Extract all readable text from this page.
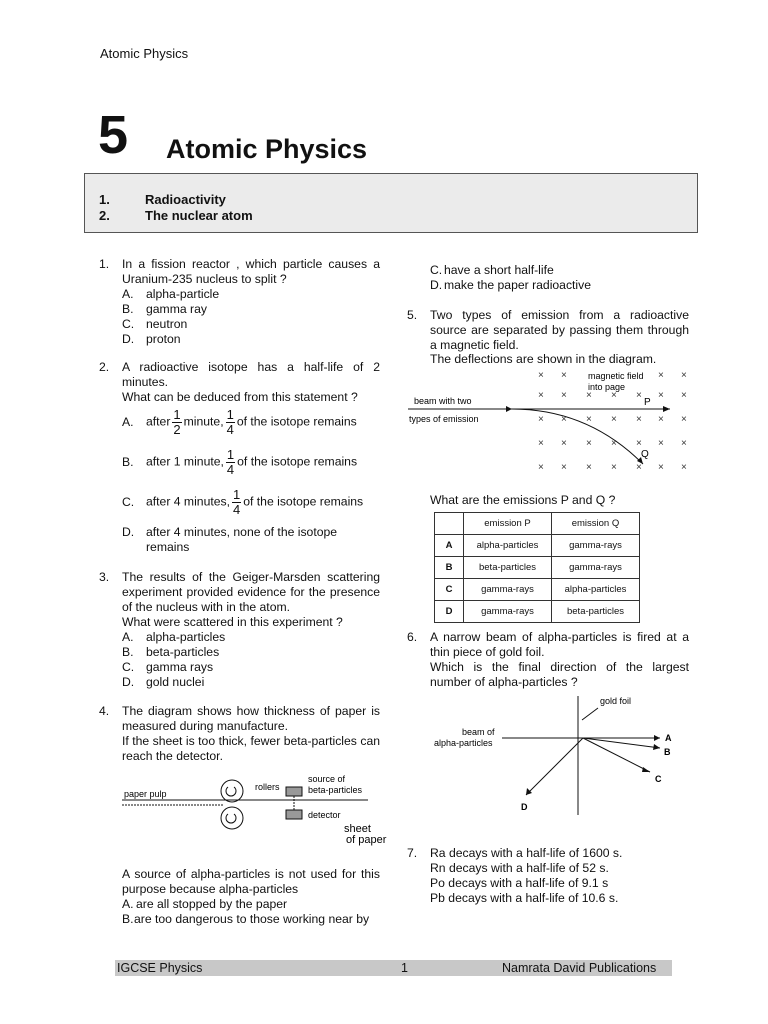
Atomic Physics
5 Atomic Physics
1.	Radioactivity
2.	The nuclear atom
1. In a fission reactor , which particle causes a Uranium-235 nucleus to split ?
A. alpha-particle
B. gamma ray
C. neutron
D. proton
2. A radioactive isotope has a half-life of 2 minutes.
What can be deduced from this statement ?
A. after $\frac{1}{2}$ minute, $\frac{1}{4}$ of the isotope remains
B. after 1 minute, $\frac{1}{4}$ of the isotope remains
C. after 4 minutes, $\frac{1}{4}$ of the isotope remains
D. after 4 minutes, none of the isotope
remains
3. The results of the Geiger-Marsden scattering experiment provided evidence for the presence of the nucleus with in the atom.
What were scattered in this experiment ?
A. alpha-particles
B. beta-particles
C. gamma rays
D. gold nuclei
4. The diagram shows how thickness of paper is measured during manufacture.
If the sheet is too thick, fewer beta-particles can reach the detector.
paper pulp
rollers
source of
beta-particles
detector
sheet
of paper
A source of alpha-particles is not used for this purpose because alpha-particles
A. are all stopped by the paper
B.are too dangerous to those working near by
C. have a short half-life
D. make the paper radioactive
5. Two types of emission from a radioactive source are separated by passing them through a magnetic field.
The deflections are shown in the diagram.
× ×	× ×
× × × × × × ×
× × × × × × ×
× × × × × × ×
× × × × × × ×
magnetic field
into page
beam with two
types of emission
P
Q
What are the emissions P and Q ?
	emission P	emission Q
A	alpha-particles	gamma-rays
B	beta-particles	gamma-rays
C	gamma-rays	alpha-particles
D	gamma-rays	beta-particles
6. A narrow beam of alpha-particles is fired at a thin piece of gold foil.
Which is the final direction of the largest number of alpha-particles ?
gold foil
beam of
alpha-particles	A
B
C
D
7. Ra decays with a half-life of 1600 s.
Rn decays with a half-life of 52 s.
Po decays with a half-life of 9.1 s
Pb decays with a half-life of 10.6 s.
IGCSE Physics	1	Namrata David Publications
